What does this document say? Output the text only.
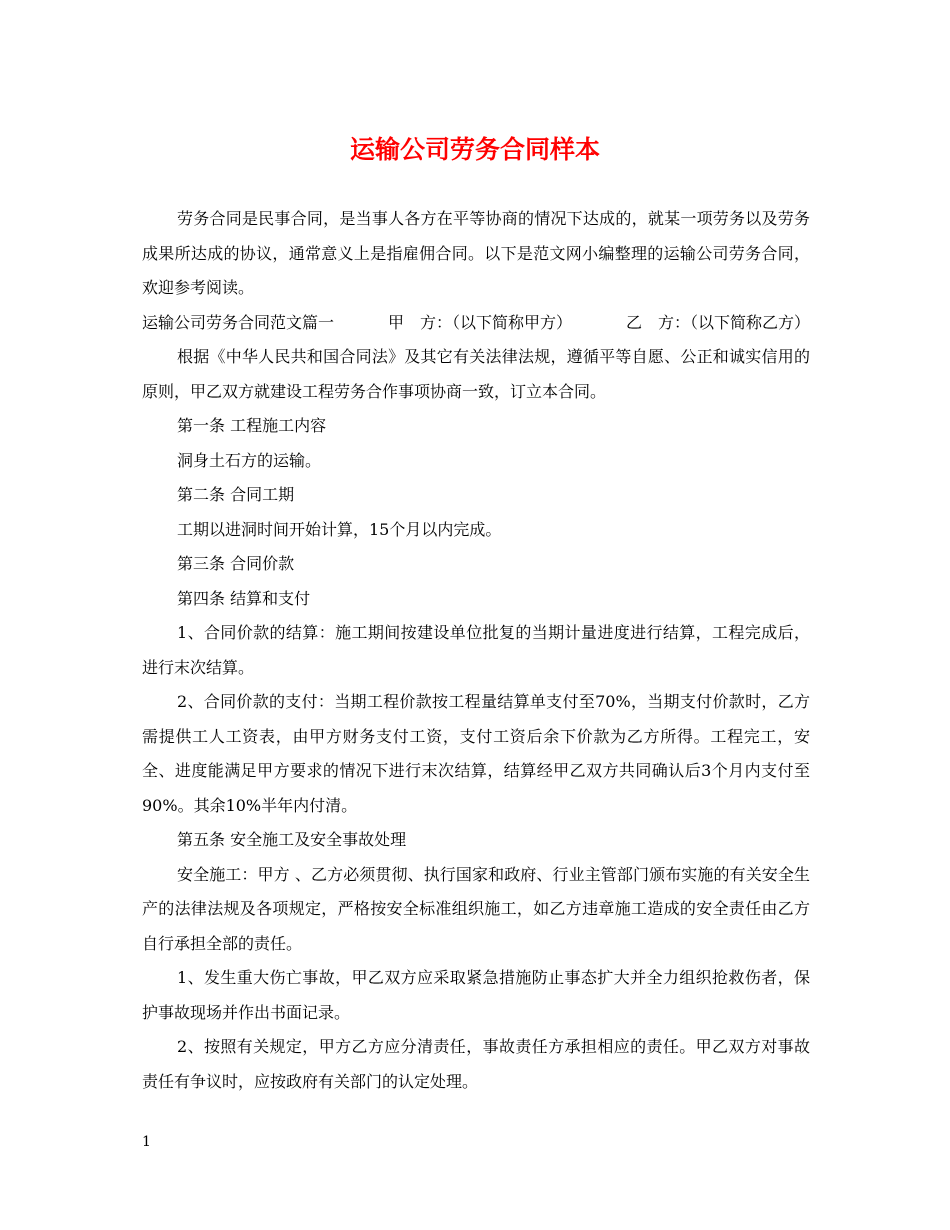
运输公司劳务合同样本

劳务合同是民事合同，是当事人各方在平等协商的情况下达成的，就某一项劳务以及劳务成果所达成的协议，通常意义上是指雇佣合同。以下是范文网小编整理的运输公司劳务合同，欢迎参考阅读。

运输公司劳务合同范文篇一	甲　方：（以下简称甲方）	乙　方：（以下简称乙方）

根据《中华人民共和国合同法》及其它有关法律法规，遵循平等自愿、公正和诚实信用的原则，甲乙双方就建设工程劳务合作事项协商一致，订立本合同。

第一条 工程施工内容

洞身土石方的运输。

第二条 合同工期

工期以进洞时间开始计算，15个月以内完成。

第三条 合同价款

第四条 结算和支付

1、合同价款的结算：施工期间按建设单位批复的当期计量进度进行结算，工程完成后，进行末次结算。

2、合同价款的支付：当期工程价款按工程量结算单支付至70%，当期支付价款时，乙方需提供工人工资表，由甲方财务支付工资，支付工资后余下价款为乙方所得。工程完工，安全、进度能满足甲方要求的情况下进行末次结算，结算经甲乙双方共同确认后3个月内支付至90%。其余10%半年内付清。

第五条 安全施工及安全事故处理

安全施工：甲方 、乙方必须贯彻、执行国家和政府、行业主管部门颁布实施的有关安全生产的法律法规及各项规定，严格按安全标准组织施工，如乙方违章施工造成的安全责任由乙方自行承担全部的责任。

1、发生重大伤亡事故，甲乙双方应采取紧急措施防止事态扩大并全力组织抢救伤者，保护事故现场并作出书面记录。

2、按照有关规定，甲方乙方应分清责任，事故责任方承担相应的责任。甲乙双方对事故责任有争议时，应按政府有关部门的认定处理。

1
